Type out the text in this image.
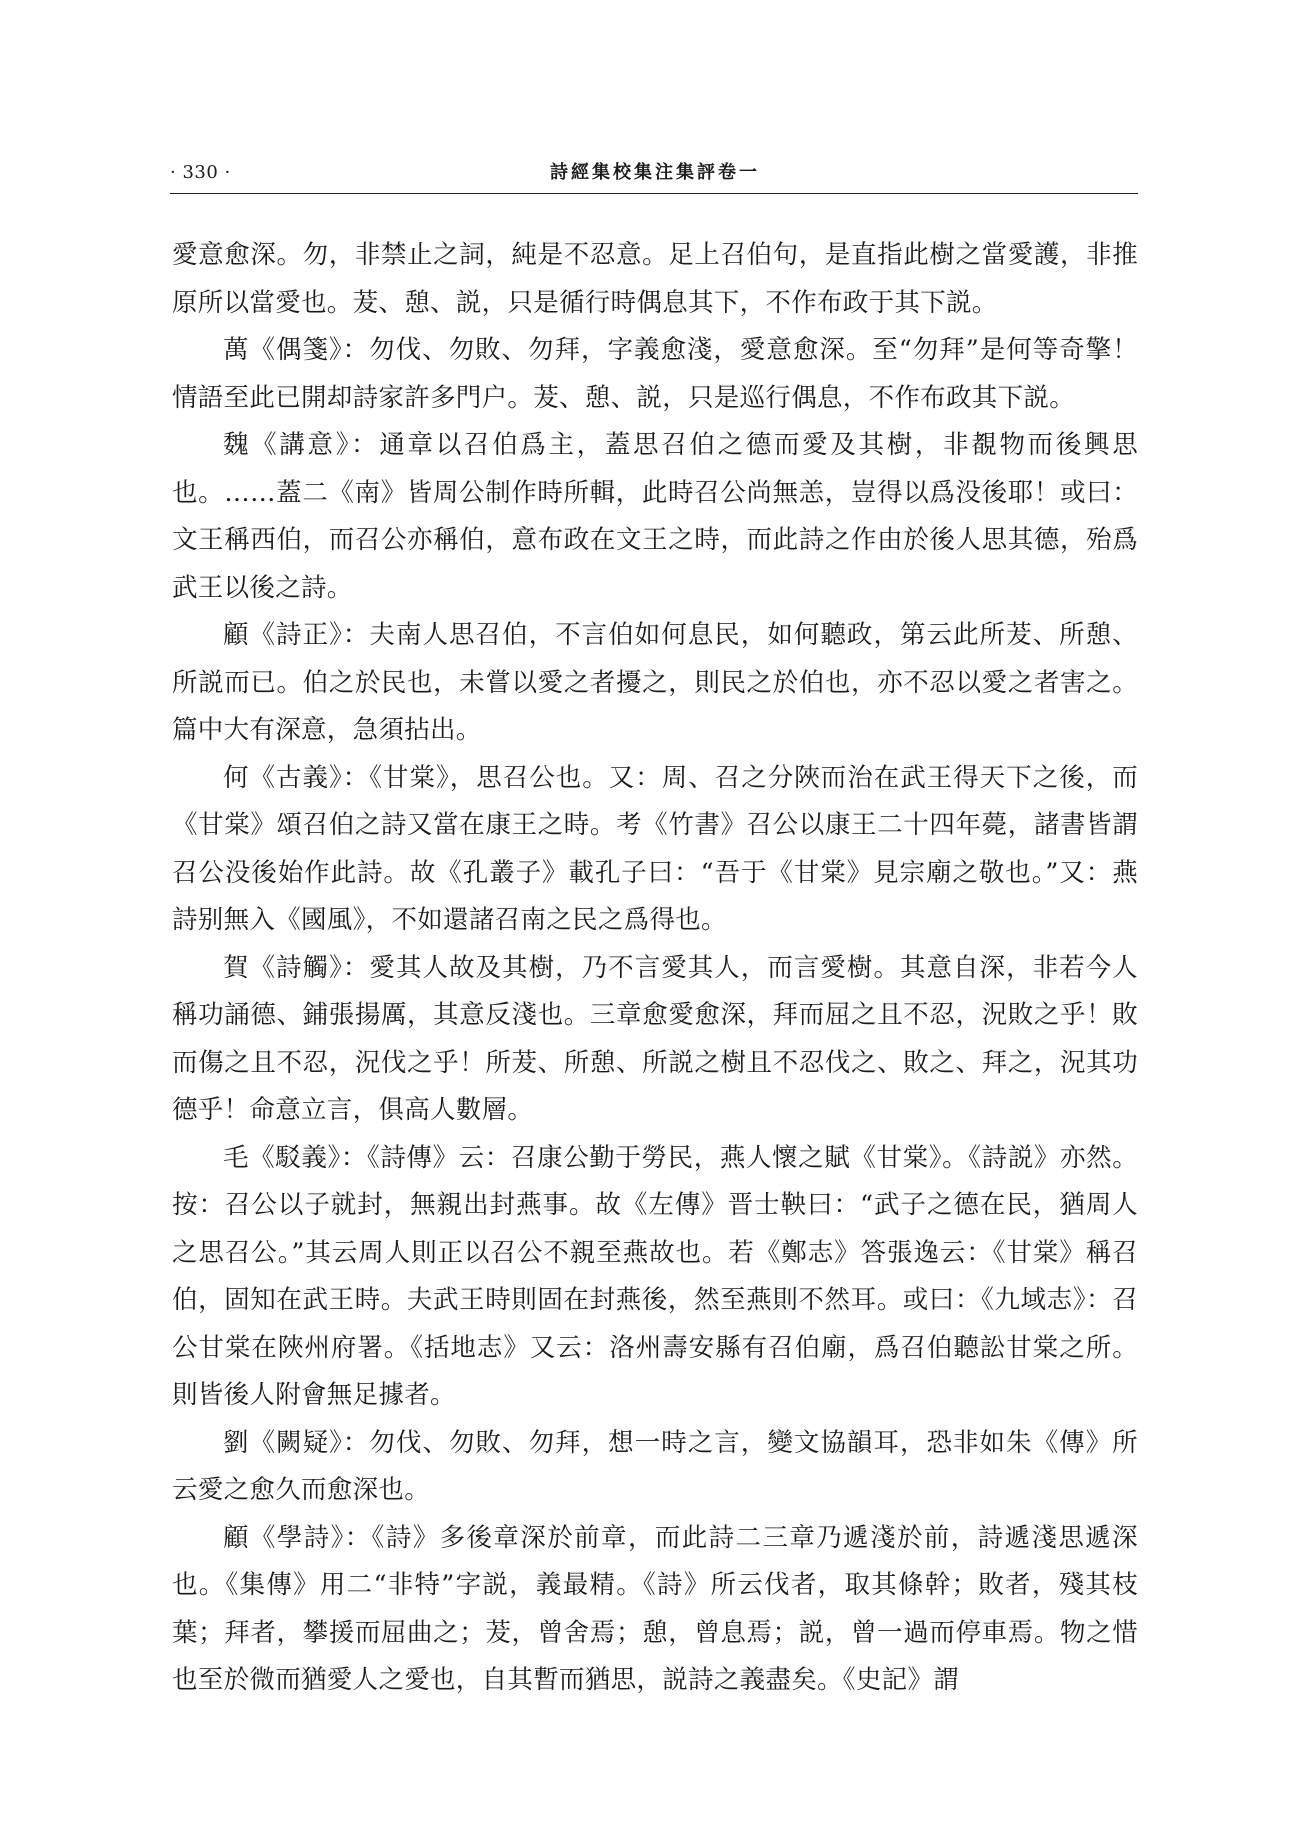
· 330 ·	詩經集校集注集評卷一

愛意愈深。勿，非禁止之詞，純是不忍意。足上召伯句，是直指此樹之當愛護，非推原所以當愛也。茇、憩、説，只是循行時偶息其下，不作布政于其下説。

萬《偶箋》：勿伐、勿敗、勿拜，字義愈淺，愛意愈深。至“勿拜”是何等奇擎！情語至此已開却詩家許多門户。茇、憩、説，只是巡行偶息，不作布政其下説。

魏《講意》：通章以召伯爲主，蓋思召伯之德而愛及其樹，非覩物而後興思也。……蓋二《南》皆周公制作時所輯，此時召公尚無恙，豈得以爲没後耶！或曰：文王稱西伯，而召公亦稱伯，意布政在文王之時，而此詩之作由於後人思其德，殆爲武王以後之詩。

顧《詩正》：夫南人思召伯，不言伯如何息民，如何聽政，第云此所茇、所憩、所説而已。伯之於民也，未嘗以愛之者擾之，則民之於伯也，亦不忍以愛之者害之。篇中大有深意，急須拈出。

何《古義》：《甘棠》，思召公也。又：周、召之分陜而治在武王得天下之後，而《甘棠》頌召伯之詩又當在康王之時。考《竹書》召公以康王二十四年薨，諸書皆謂召公没後始作此詩。故《孔叢子》載孔子曰：“吾于《甘棠》見宗廟之敬也。”又：燕詩别無入《國風》，不如還諸召南之民之爲得也。

賀《詩觸》：愛其人故及其樹，乃不言愛其人，而言愛樹。其意自深，非若今人稱功誦德、鋪張揚厲，其意反淺也。三章愈愛愈深，拜而屈之且不忍，況敗之乎！敗而傷之且不忍，況伐之乎！所茇、所憩、所説之樹且不忍伐之、敗之、拜之，況其功德乎！命意立言，俱高人數層。

毛《駁義》：《詩傳》云：召康公勤于勞民，燕人懷之賦《甘棠》。《詩説》亦然。按：召公以子就封，無親出封燕事。故《左傳》晋士鞅曰：“武子之德在民，猶周人之思召公。”其云周人則正以召公不親至燕故也。若《鄭志》答張逸云：《甘棠》稱召伯，固知在武王時。夫武王時則固在封燕後，然至燕則不然耳。或曰：《九域志》：召公甘棠在陜州府署。《括地志》又云：洛州壽安縣有召伯廟，爲召伯聽訟甘棠之所。則皆後人附會無足據者。

劉《闕疑》：勿伐、勿敗、勿拜，想一時之言，變文協韻耳，恐非如朱《傳》所云愛之愈久而愈深也。

顧《學詩》：《詩》多後章深於前章，而此詩二三章乃遞淺於前，詩遞淺思遞深也。《集傳》用二“非特”字説，義最精。《詩》所云伐者，取其條幹；敗者，殘其枝葉；拜者，攀援而屈曲之；茇，曾舍焉；憩，曾息焉；説，曾一過而停車焉。物之惜也至於微而猶愛人之愛也，自其暫而猶思，説詩之義盡矣。《史記》謂
